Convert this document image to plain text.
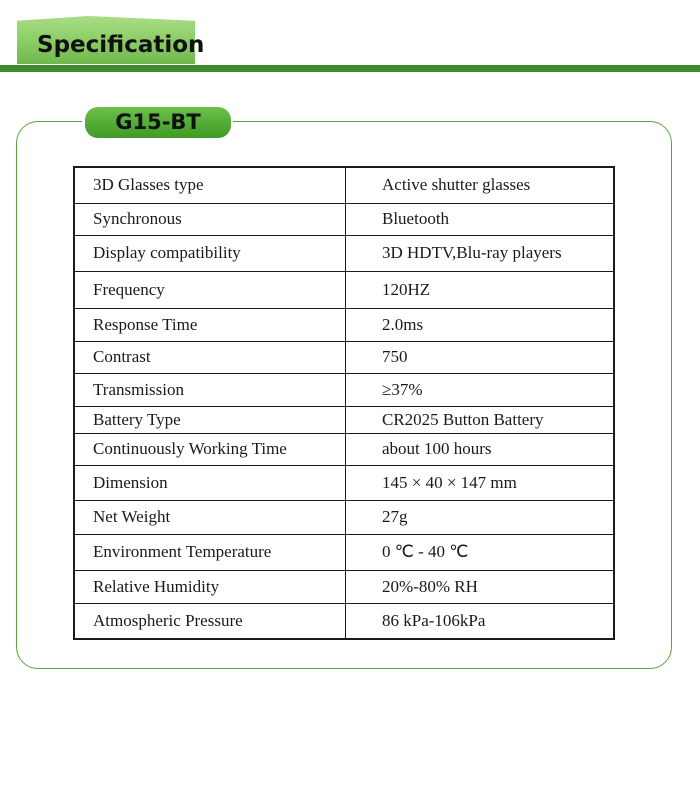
Specification
G15-BT
3D Glasses type	Active shutter glasses
Synchronous	Bluetooth
Display compatibility	3D HDTV,Blu-ray players
Frequency	120HZ
Response Time	2.0ms
Contrast	750
Transmission	≥37%
Battery Type	CR2025 Button Battery
Continuously Working Time	about 100 hours
Dimension	145 × 40 × 147 mm
Net Weight	27g
Environment Temperature	0 ℃ - 40 ℃
Relative Humidity	20%-80% RH
Atmospheric Pressure	86 kPa-106kPa
